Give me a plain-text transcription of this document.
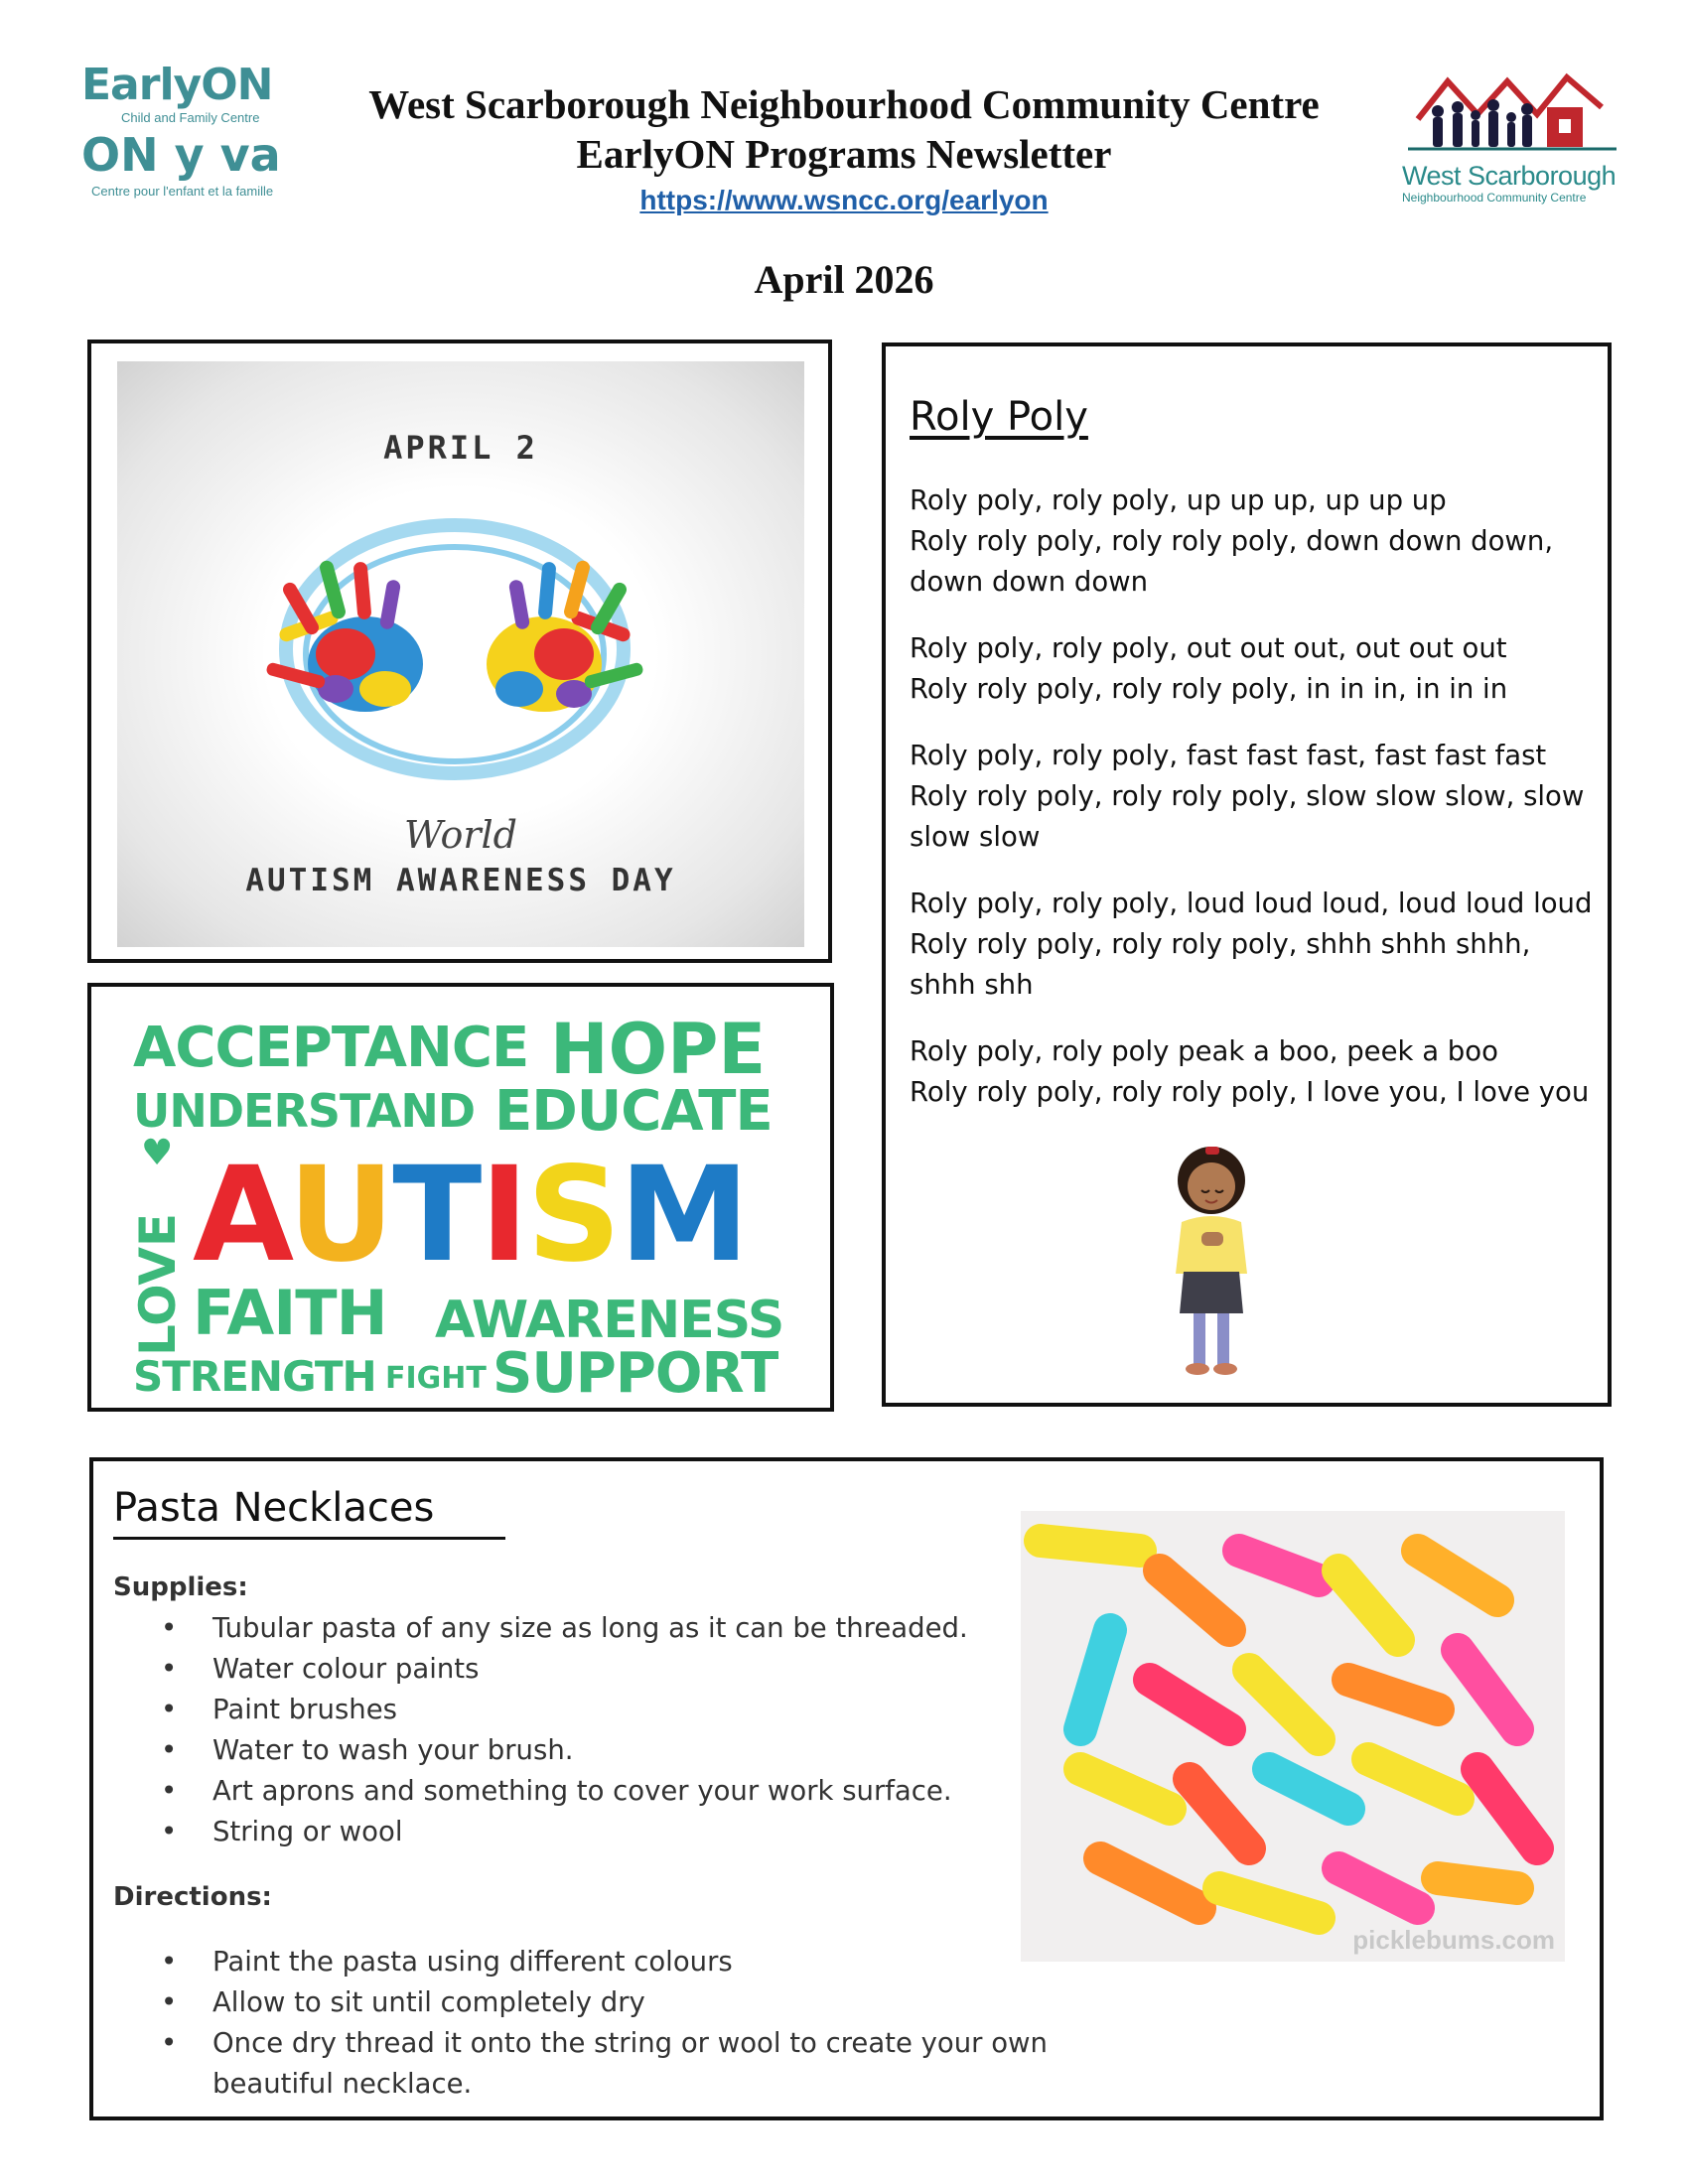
EarlyON
Child and Family Centre
ON y va
Centre pour l'enfant et la famille
West Scarborough Neighbourhood Community Centre
EarlyON Programs Newsletter
https://www.wsncc.org/earlyon
West Scarborough
Neighbourhood Community Centre
April 2026
APRIL 2
World
AUTISM AWARENESS DAY
ACCEPTANCE HOPE
UNDERSTAND EDUCATE
LOVE
♥ AUTISM
FAITH AWARENESS
STRENGTH FIGHT SUPPORT
Roly Poly

Roly poly, roly poly, up up up, up up up
Roly roly poly, roly roly poly, down down down, down down down

Roly poly, roly poly, out out out, out out out
Roly roly poly, roly roly poly, in in in, in in in

Roly poly, roly poly, fast fast fast, fast fast fast
Roly roly poly, roly roly poly, slow slow slow, slow slow slow

Roly poly, roly poly, loud loud loud, loud loud loud
Roly roly poly, roly roly poly, shhh shhh shhh, shhh shh

Roly poly, roly poly peak a boo, peek a boo
Roly roly poly, roly roly poly, I love you, I love you

Pasta Necklaces
Supplies:
• Tubular pasta of any size as long as it can be threaded.
• Water colour paints
• Paint brushes
• Water to wash your brush.
• Art aprons and something to cover your work surface.
• String or wool
Directions:
• Paint the pasta using different colours
• Allow to sit until completely dry
• Once dry thread it onto the string or wool to create your own beautiful necklace.
picklebums.com
